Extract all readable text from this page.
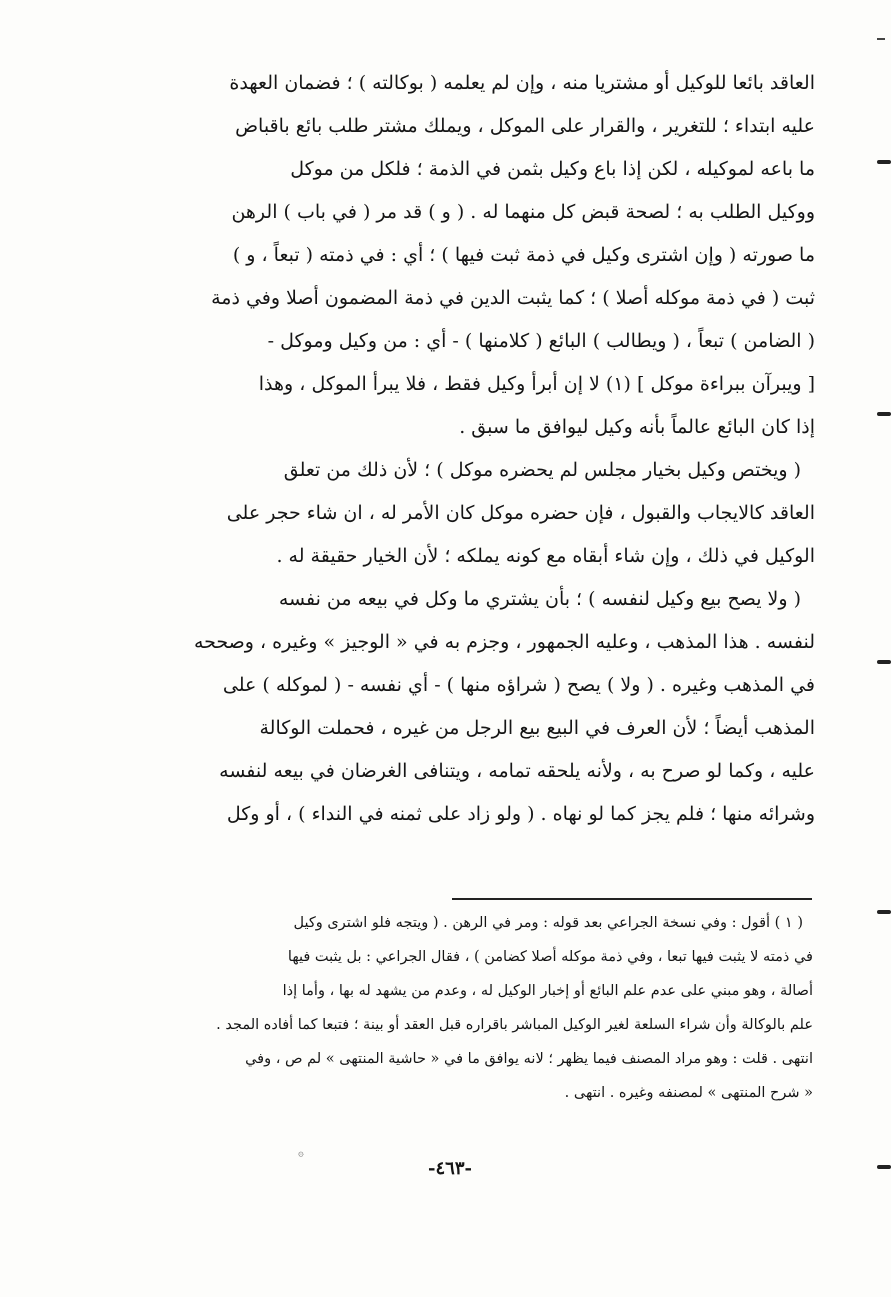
العاقد بائعا للوكيل أو مشتريا منه ، وإن لم يعلمه ( بوكالته ) ؛ فضمان العهدة
عليه ابتداء ؛ للتغرير ، والقرار على الموكل ، ويملك مشتر طلب بائع باقباض
ما باعه لموكيله ، لكن إذا باع وكيل بثمن في الذمة ؛ فلكل من موكل
ووكيل الطلب به ؛ لصحة قبض كل منهما له . ( و ) قد مر ( في باب ) الرهن
ما صورته ( وإن اشترى وكيل في ذمة ثبت فيها ) ؛ أي : في ذمته ( تبعاً ، و )
ثبت ( في ذمة موكله أصلا ) ؛ كما يثبت الدين في ذمة المضمون أصلا وفي ذمة
( الضامن ) تبعاً ، ( ويطالب ) البائع ( كلامنها ) - أي : من وكيل وموكل -
[ ويبرآن ببراءة موكل ] (١) لا إن أبرأ وكيل فقط ، فلا يبرأ الموكل ، وهذا
إذا كان البائع عالماً بأنه وكيل ليوافق ما سبق .
( ويختص وكيل بخيار مجلس لم يحضره موكل ) ؛ لأن ذلك من تعلق
العاقد كالايجاب والقبول ، فإن حضره موكل كان الأمر له ، ان شاء حجر على
الوكيل في ذلك ، وإن شاء أبقاه مع كونه يملكه ؛ لأن الخيار حقيقة له .
( ولا يصح بيع وكيل لنفسه ) ؛ بأن يشتري ما وكل في بيعه من نفسه
لنفسه . هذا المذهب ، وعليه الجمهور ، وجزم به في « الوجيز » وغيره ، وصححه
في المذهب وغيره . ( ولا ) يصح ( شراؤه منها ) - أي نفسه - ( لموكله ) على
المذهب أيضاً ؛ لأن العرف في البيع بيع الرجل من غيره ، فحملت الوكالة
عليه ، وكما لو صرح به ، ولأنه يلحقه تمامه ، ويتنافى الغرضان في بيعه لنفسه
وشرائه منها ؛ فلم يجز كما لو نهاه . ( ولو زاد على ثمنه في النداء ) ، أو وكل
( ١ ) أقول : وفي نسخة الجراعي بعد قوله : ومر في الرهن . ( ويتجه فلو اشترى وكيل
في ذمته لا يثبت فيها تبعا ، وفي ذمة موكله أصلا كضامن ) ، فقال الجراعي : بل يثبت فيها
أصالة ، وهو مبني على عدم علم البائع أو إخبار الوكيل له ، وعدم من يشهد له بها ، وأما إذا
علم بالوكالة وأن شراء السلعة لغير الوكيل المباشر باقراره قبل العقد أو بينة ؛ فتبعا كما أفاده المجد .
انتهى . قلت : وهو مراد المصنف فيما يظهر ؛ لانه يوافق ما في « حاشية المنتهى » لم ص ، وفي
« شرح المنتهى » لمصنفه وغيره . انتهى .
۞
-٤٦٣-
